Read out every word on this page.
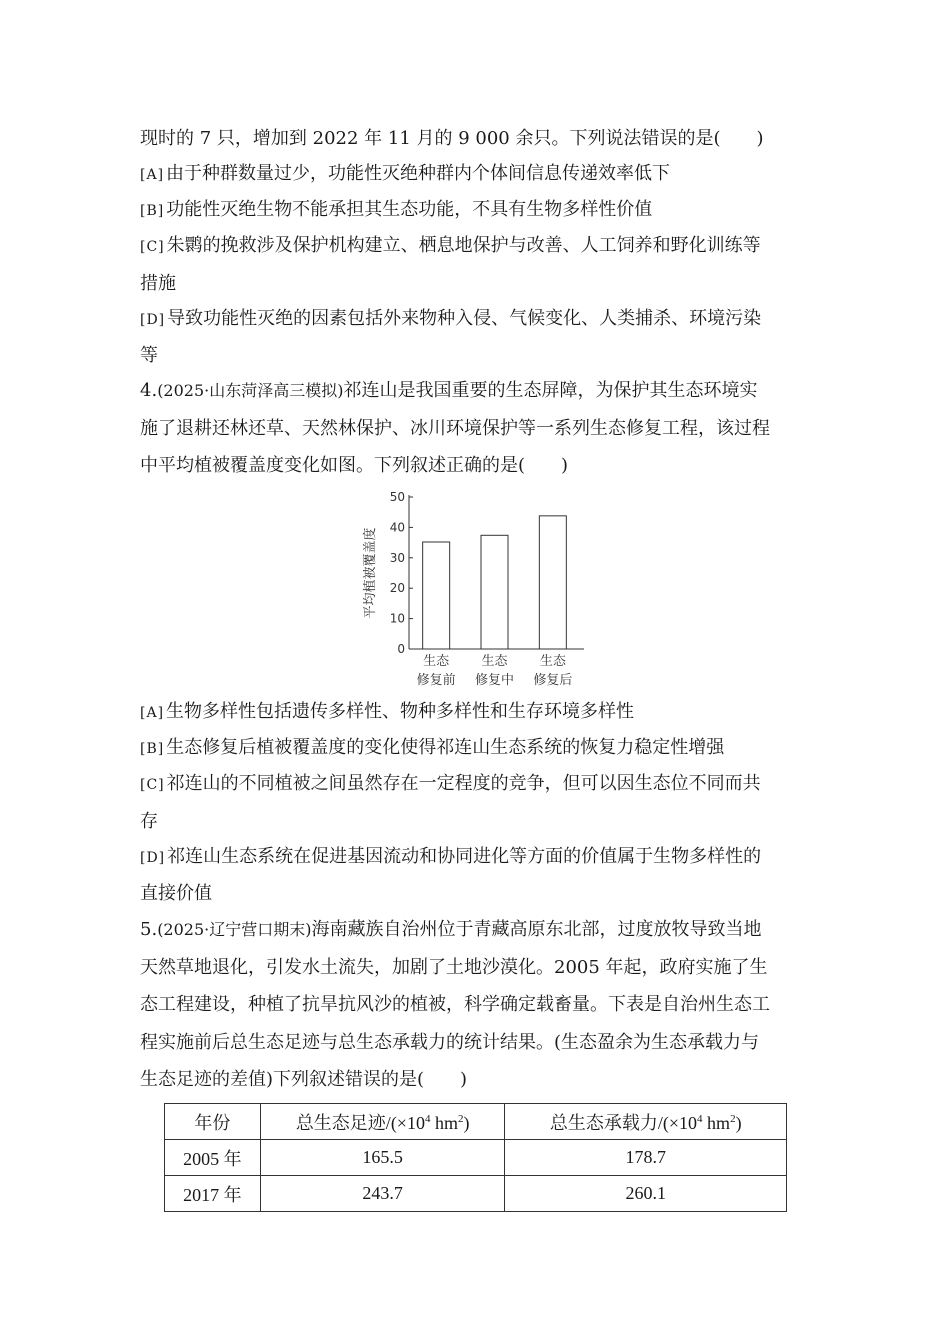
现时的 7 只，增加到 2022 年 11 月的 9 000 余只。下列说法错误的是(　　)
[A] 由于种群数量过少，功能性灭绝种群内个体间信息传递效率低下
[B] 功能性灭绝生物不能承担其生态功能，不具有生物多样性价值
[C] 朱鹮的挽救涉及保护机构建立、栖息地保护与改善、人工饲养和野化训练等
措施
[D] 导致功能性灭绝的因素包括外来物种入侵、气候变化、人类捕杀、环境污染
等
4.(2025·山东菏泽高三模拟)祁连山是我国重要的生态屏障，为保护其生态环境实
施了退耕还林还草、天然林保护、冰川环境保护等一系列生态修复工程，该过程
中平均植被覆盖度变化如图。下列叙述正确的是(　　)
0
10
20
30
40
50
平均植被覆盖度
生态
修复前
生态
修复中
生态
修复后
[A] 生物多样性包括遗传多样性、物种多样性和生存环境多样性
[B] 生态修复后植被覆盖度的变化使得祁连山生态系统的恢复力稳定性增强
[C] 祁连山的不同植被之间虽然存在一定程度的竞争，但可以因生态位不同而共
存
[D] 祁连山生态系统在促进基因流动和协同进化等方面的价值属于生物多样性的
直接价值
5.(2025·辽宁营口期末)海南藏族自治州位于青藏高原东北部，过度放牧导致当地
天然草地退化，引发水土流失，加剧了土地沙漠化。2005 年起，政府实施了生
态工程建设，种植了抗旱抗风沙的植被，科学确定载畜量。下表是自治州生态工
程实施前后总生态足迹与总生态承载力的统计结果。(生态盈余为生态承载力与
生态足迹的差值)下列叙述错误的是(　　)
年份	总生态足迹$/(\times 10^4$ $hm^2$)	总生态承载力$/(\times 10^4$ $hm^2$)
2005 年	165.5	178.7
2017 年	243.7	260.1
